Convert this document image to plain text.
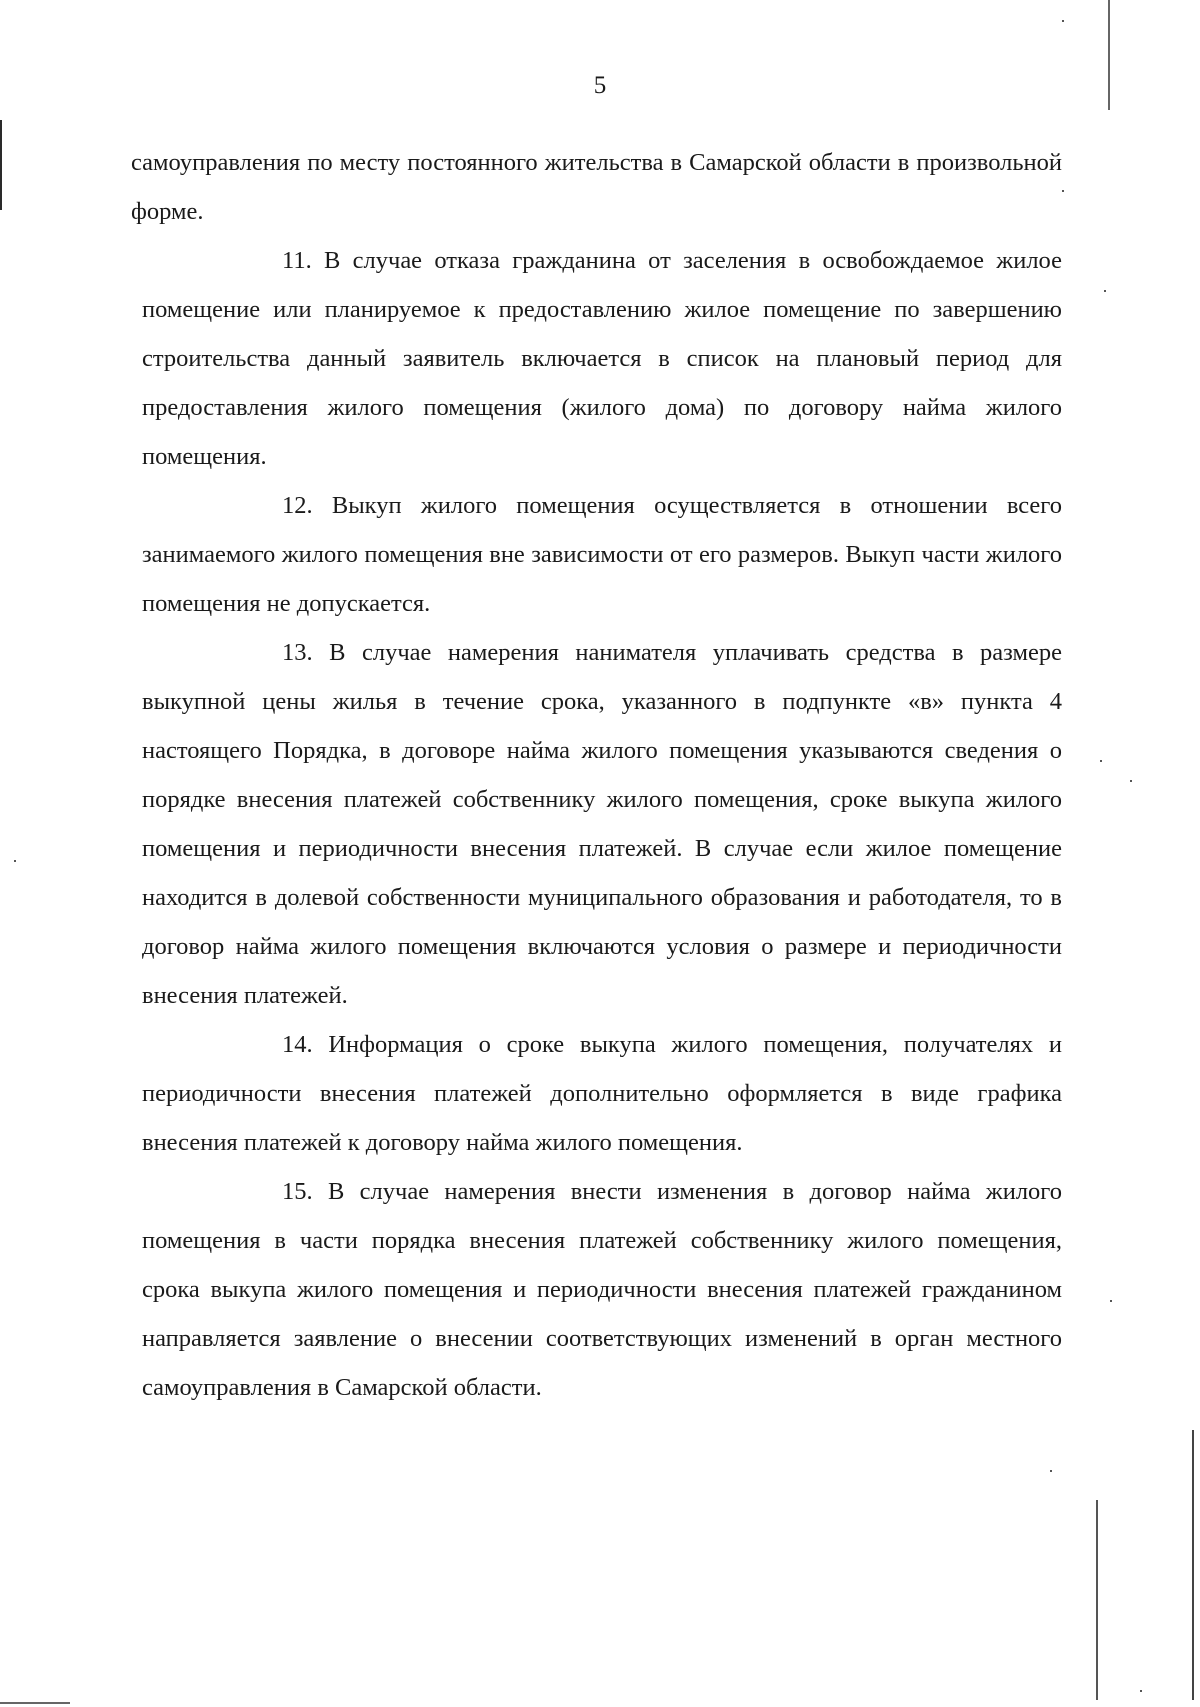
5

самоуправления по месту постоянного жительства в Самарской области в произвольной форме.

11. В случае отказа гражданина от заселения в освобождаемое жилое помещение или планируемое к предоставлению жилое помещение по завершению строительства данный заявитель включается в список на плановый период для предоставления жилого помещения (жилого дома) по договору найма жилого помещения.

12. Выкуп жилого помещения осуществляется в отношении всего занимаемого жилого помещения вне зависимости от его размеров. Выкуп части жилого помещения не допускается.

13. В случае намерения нанимателя уплачивать средства в размере выкупной цены жилья в течение срока, указанного в подпункте «в» пункта 4 настоящего Порядка, в договоре найма жилого помещения указываются сведения о порядке внесения платежей собственнику жилого помещения, сроке выкупа жилого помещения и периодичности внесения платежей. В случае если жилое помещение находится в долевой собственности муниципального образования и работодателя, то в договор найма жилого помещения включаются условия о размере и периодичности внесения платежей.

14. Информация о сроке выкупа жилого помещения, получателях и периодичности внесения платежей дополнительно оформляется в виде графика внесения платежей к договору найма жилого помещения.

15. В случае намерения внести изменения в договор найма жилого помещения в части порядка внесения платежей собственнику жилого помещения, срока выкупа жилого помещения и периодичности внесения платежей гражданином направляется заявление о внесении соответствующих изменений в орган местного самоуправления в Самарской области.
